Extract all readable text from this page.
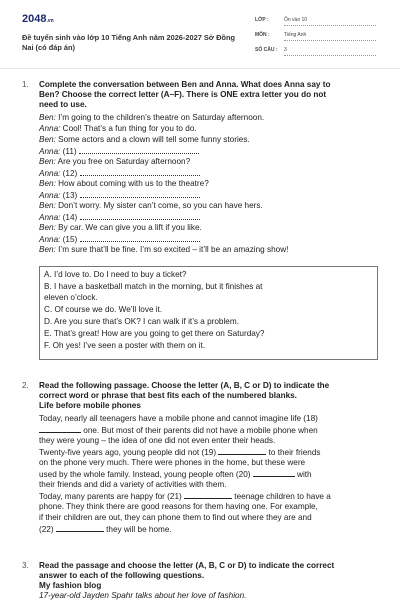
2048.vn
Đề tuyển sinh vào lớp 10 Tiếng Anh năm 2026-2027 Sở Đồng Nai (có đáp án)
LỚP :	Ôn vào 10
MÔN :	Tiếng Anh
SỐ CÂU : 3
1. Complete the conversation between Ben and Anna. What does Anna say to
Ben? Choose the correct letter (A–F). There is ONE extra letter you do not
need to use.
Ben: I’m going to the children’s theatre on Saturday afternoon.
Anna: Cool! That’s a fun thing for you to do.
Ben: Some actors and a clown will tell some funny stories.
Anna: (11)
Ben: Are you free on Saturday afternoon?
Anna: (12)
Ben: How about coming with us to the theatre?
Anna: (13)
Ben: Don’t worry. My sister can’t come, so you can have hers.
Anna: (14)
Ben: By car. We can give you a lift if you like.
Anna: (15)
Ben: I’m sure that’ll be fine. I’m so excited – it’ll be an amazing show!
A. I’d love to. Do I need to buy a ticket?
B. I have a basketball match in the morning, but it finishes at
eleven o’clock.
C. Of course we do. We’ll love it.
D. Are you sure that’s OK? I can walk if it’s a problem.
E. That’s great! How are you going to get there on Saturday?
F. Oh yes! I’ve seen a poster with them on it.
2. Read the following passage. Choose the letter (A, B, C or D) to indicate the
correct word or phrase that best fits each of the numbered blanks.
Life before mobile phones
Today, nearly all teenagers have a mobile phone and cannot imagine life (18)
one. But most of their parents did not have a mobile phone when
they were young – the idea of one did not even enter their heads.
Twenty-five years ago, young people did not (19)	to their friends
on the phone very much. There were phones in the home, but these were
used by the whole family. Instead, young people often (20)	with
their friends and did a variety of activities with them.
Today, many parents are happy for (21)	teenage children to have a
phone. They think there are good reasons for them having one. For example,
if their children are out, they can phone them to find out where they are and
(22)	they will be home.
3. Read the passage and choose the letter (A, B, C or D) to indicate the correct
answer to each of the following questions.
My fashion blog
17-year-old Jayden Spahr talks about her love of fashion.
